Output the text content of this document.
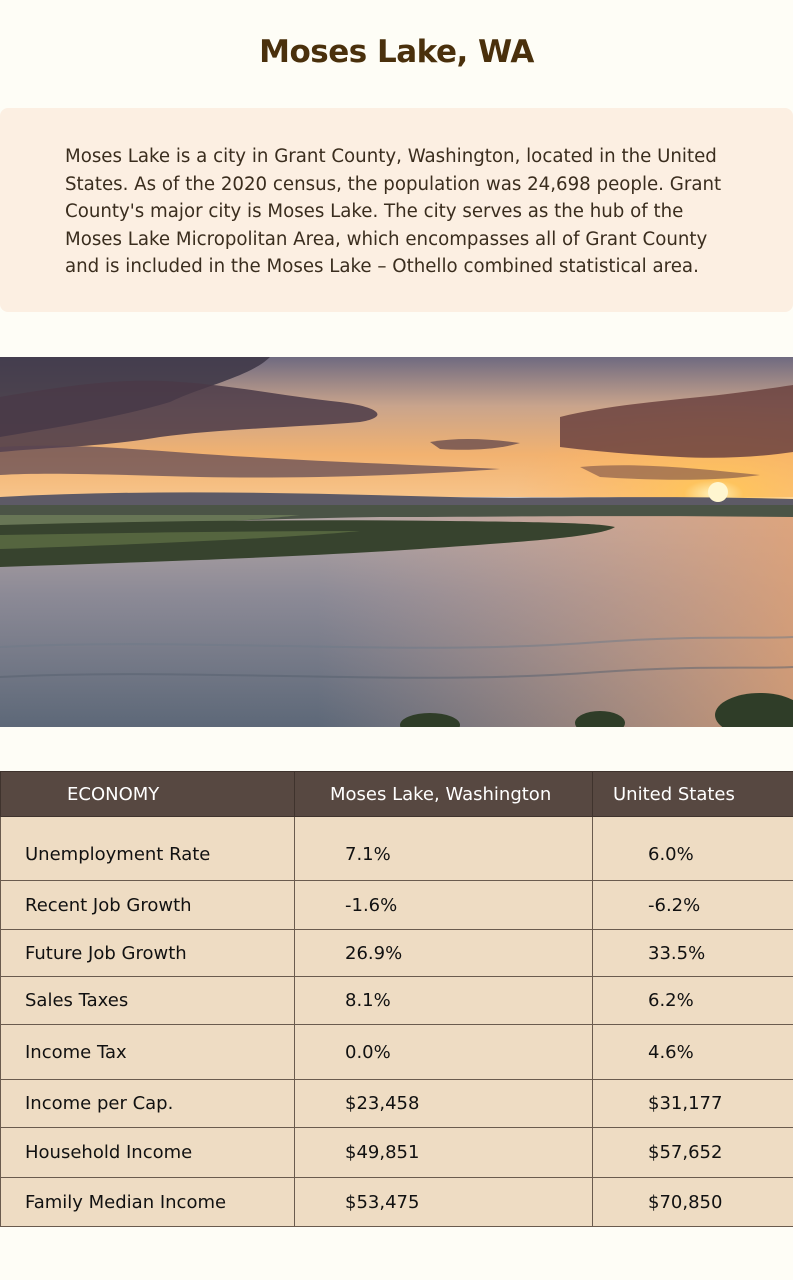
Moses Lake, WA

Moses Lake is a city in Grant County, Washington, located in the United States. As of the 2020 census, the population was 24,698 people. Grant County's major city is Moses Lake. The city serves as the hub of the Moses Lake Micropolitan Area, which encompasses all of Grant County and is included in the Moses Lake – Othello combined statistical area.

ECONOMY	Moses Lake, Washington	United States
Unemployment Rate	7.1%	6.0%
Recent Job Growth	-1.6%	-6.2%
Future Job Growth	26.9%	33.5%
Sales Taxes	8.1%	6.2%
Income Tax	0.0%	4.6%
Income per Cap.	$23,458	$31,177
Household Income	$49,851	$57,652
Family Median Income	$53,475	$70,850
